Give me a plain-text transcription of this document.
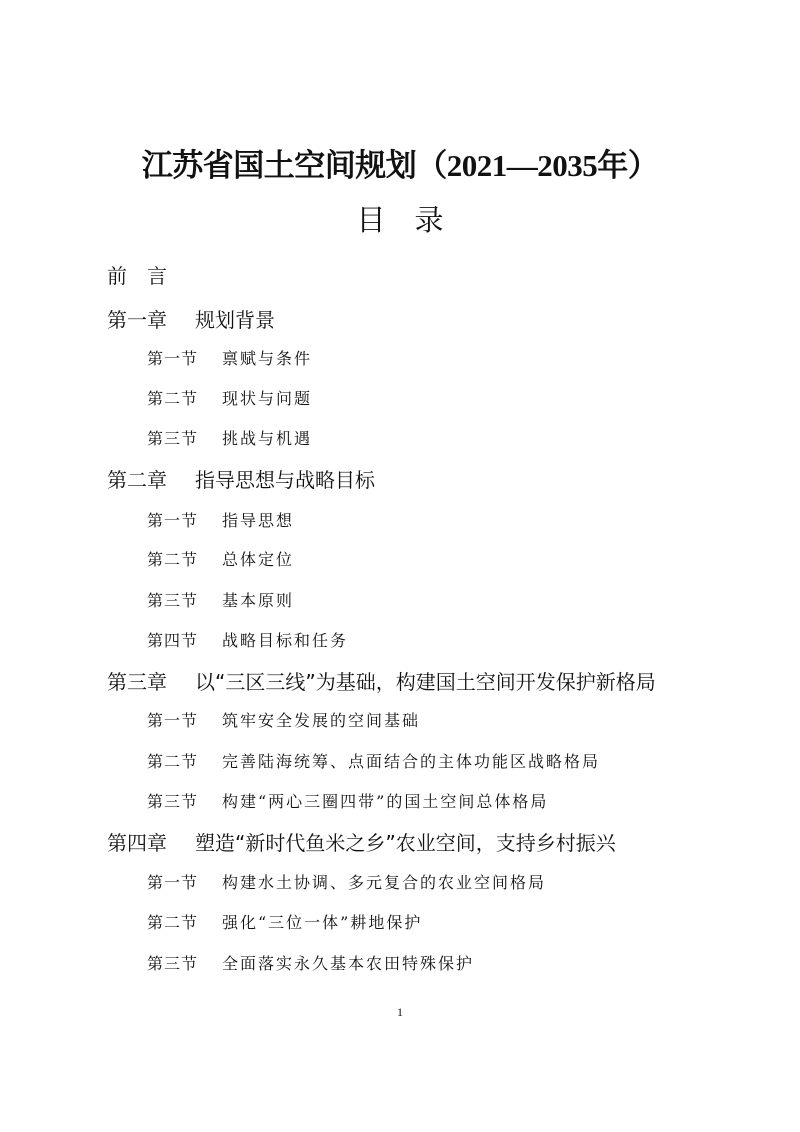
江苏省国土空间规划（2021—2035年）
目　录
前　言
第一章 规划背景
第一节 禀赋与条件
第二节 现状与问题
第三节 挑战与机遇
第二章 指导思想与战略目标
第一节 指导思想
第二节 总体定位
第三节 基本原则
第四节 战略目标和任务
第三章 以“三区三线”为基础，构建国土空间开发保护新格局
第一节 筑牢安全发展的空间基础
第二节 完善陆海统筹、点面结合的主体功能区战略格局
第三节 构建“两心三圈四带”的国土空间总体格局
第四章 塑造“新时代鱼米之乡”农业空间，支持乡村振兴
第一节 构建水土协调、多元复合的农业空间格局
第二节 强化“三位一体”耕地保护
第三节 全面落实永久基本农田特殊保护
1
